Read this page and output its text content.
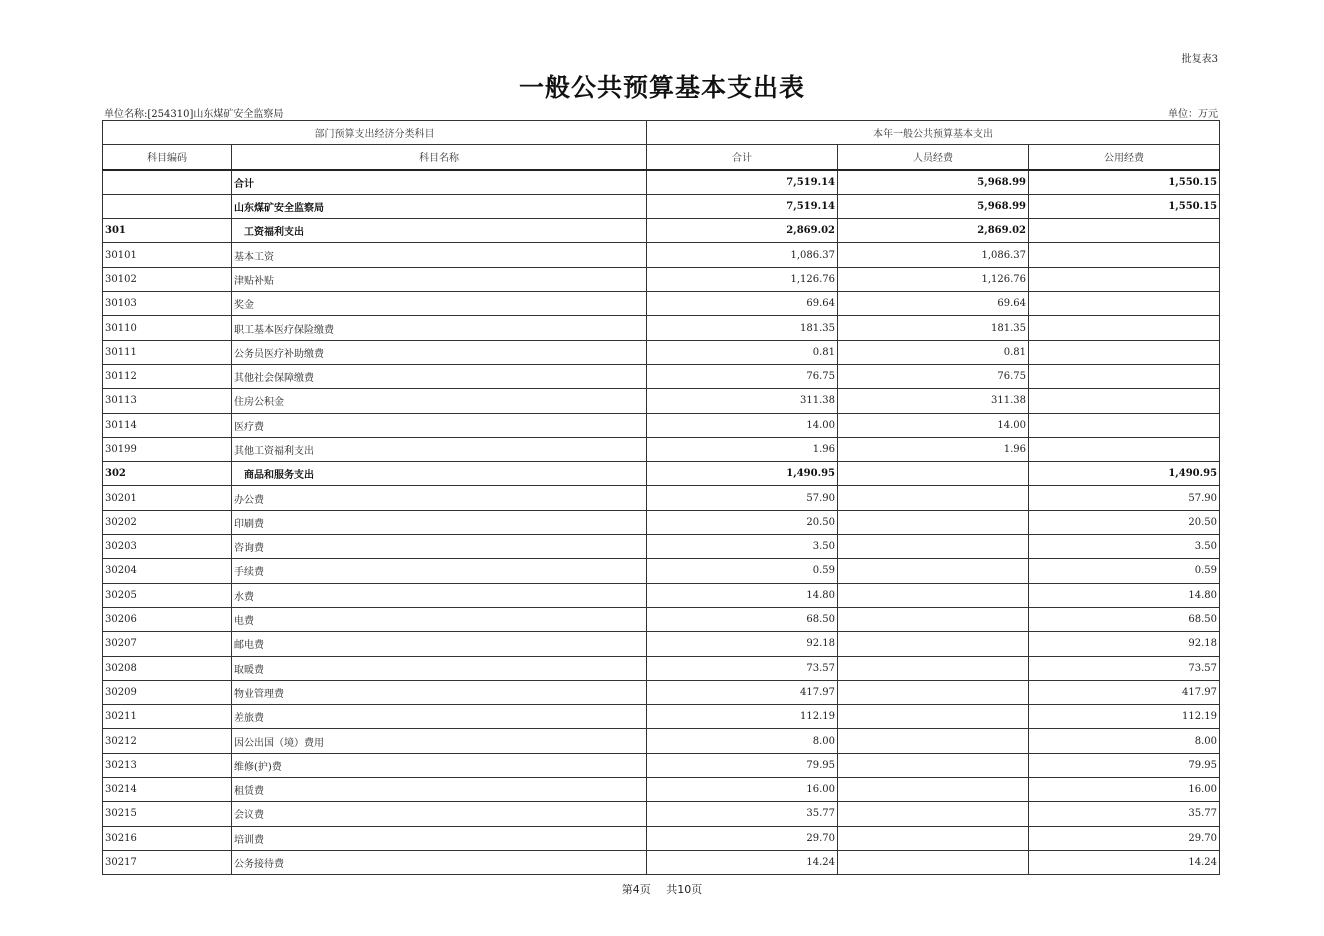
批复表3
一般公共预算基本支出表
单位名称:[254310]山东煤矿安全监察局	单位：万元
部门预算支出经济分类科目		本年一般公共预算基本支出		
科目编码	科目名称	合计	人员经费	公用经费
	合计	7,519.14	5,968.99	1,550.15
	山东煤矿安全监察局	7,519.14	5,968.99	1,550.15
301	工资福利支出	2,869.02	2,869.02	
30101	基本工资	1,086.37	1,086.37	
30102	津贴补贴	1,126.76	1,126.76	
30103	奖金	69.64	69.64	
30110	职工基本医疗保险缴费	181.35	181.35	
30111	公务员医疗补助缴费	0.81	0.81	
30112	其他社会保障缴费	76.75	76.75	
30113	住房公积金	311.38	311.38	
30114	医疗费	14.00	14.00	
30199	其他工资福利支出	1.96	1.96	
302	商品和服务支出	1,490.95		1,490.95
30201	办公费	57.90		57.90
30202	印刷费	20.50		20.50
30203	咨询费	3.50		3.50
30204	手续费	0.59		0.59
30205	水费	14.80		14.80
30206	电费	68.50		68.50
30207	邮电费	92.18		92.18
30208	取暖费	73.57		73.57
30209	物业管理费	417.97		417.97
30211	差旅费	112.19		112.19
30212	因公出国（境）费用	8.00		8.00
30213	维修(护)费	79.95		79.95
30214	租赁费	16.00		16.00
30215	会议费	35.77		35.77
30216	培训费	29.70		29.70
30217	公务接待费	14.24		14.24
第4页 共10页
